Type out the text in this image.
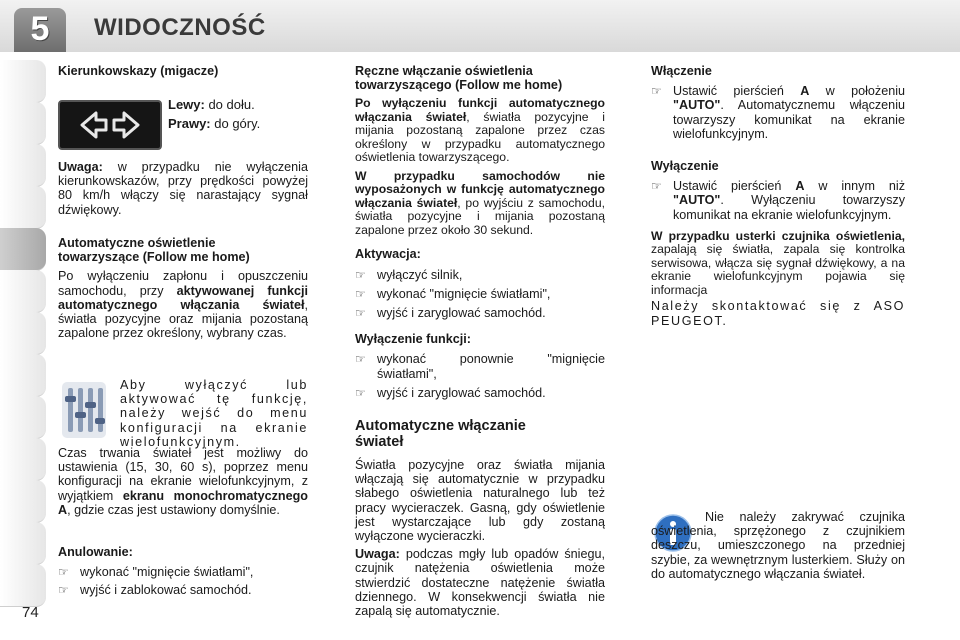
5	WIDOCZNOŚĆ
74

Kierunkowskazy (migacze)

Lewy: do dołu.

Prawy: do góry.

Uwaga: w przypadku nie wyłączenia kierunkowskazów, przy prędkości powyżej 80 km/h włączy się narastający sygnał dźwiękowy.

Automatyczne oświetlenie

towarzyszące (Follow me home)

Po wyłączeniu zapłonu i opuszczeniu samochodu, przy aktywowanej funkcji automatycznego włączania świateł, światła pozycyjne oraz mijania pozostaną zapalone przez określony, wybrany czas.

Aby wyłączyć lub aktywować tę funkcję, należy wejść do menu konfiguracji na ekranie wielofunkcyjnym.

Czas trwania świateł jest możliwy do ustawienia (15, 30, 60 s), poprzez menu konfiguracji na ekranie wielofunkcyjnym, z wyjątkiem ekranu monochromatycznego A, gdzie czas jest ustawiony domyślnie.

Anulowanie:

☞ wykonać "mignięcie światłami",
☞ wyjść i zablokować samochód.

Ręczne włączanie oświetlenia

towarzyszącego (Follow me home)

Po wyłączeniu funkcji automatycznego włączania świateł, światła pozycyjne i mijania pozostaną zapalone przez czas określony w przypadku automatycznego oświetlenia towarzyszącego.

W przypadku samochodów nie wyposażonych w funkcję automatycznego włączania świateł, po wyjściu z samochodu, światła pozycyjne i mijania pozostaną zapalone przez około 30 sekund.

Aktywacja:

☞ wyłączyć silnik,
☞ wykonać "mignięcie światłami",
☞ wyjść i zaryglować samochód.

Wyłączenie funkcji:

☞ wykonać ponownie "mignięcie światłami",
☞ wyjść i zaryglować samochód.

Automatyczne włączanie świateł

Światła pozycyjne oraz światła mijania włączają się automatycznie w przypadku słabego oświetlenia naturalnego lub też pracy wycieraczek. Gasną, gdy oświetlenie jest wystarczające lub gdy zostaną wyłączone wycieraczki.

Uwaga: podczas mgły lub opadów śniegu, czujnik natężenia oświetlenia może stwierdzić dostateczne natężenie światła dziennego. W konsekwencji światła nie zapalą się automatycznie.

Włączenie

☞ Ustawić pierścień A w położeniu "AUTO". Automatycznemu włączeniu towarzyszy komunikat na ekranie wielofunkcyjnym.

Wyłączenie

☞ Ustawić pierścień A w innym niż "AUTO". Wyłączeniu towarzyszy komunikat na ekranie wielofunkcyjnym.

W przypadku usterki czujnika oświetlenia, zapalają się światła, zapala się kontrolka serwisowa, włącza się sygnał dźwiękowy, a na ekranie wielofunkcyjnym pojawia się informacja

Należy skontaktować się z ASO PEUGEOT.

Nie należy zakrywać czujnika oświetlenia, sprzężonego z czujnikiem deszczu, umieszczonego na przedniej szybie, za wewnętrznym lusterkiem. Służy on do automatycznego włączania świateł.
